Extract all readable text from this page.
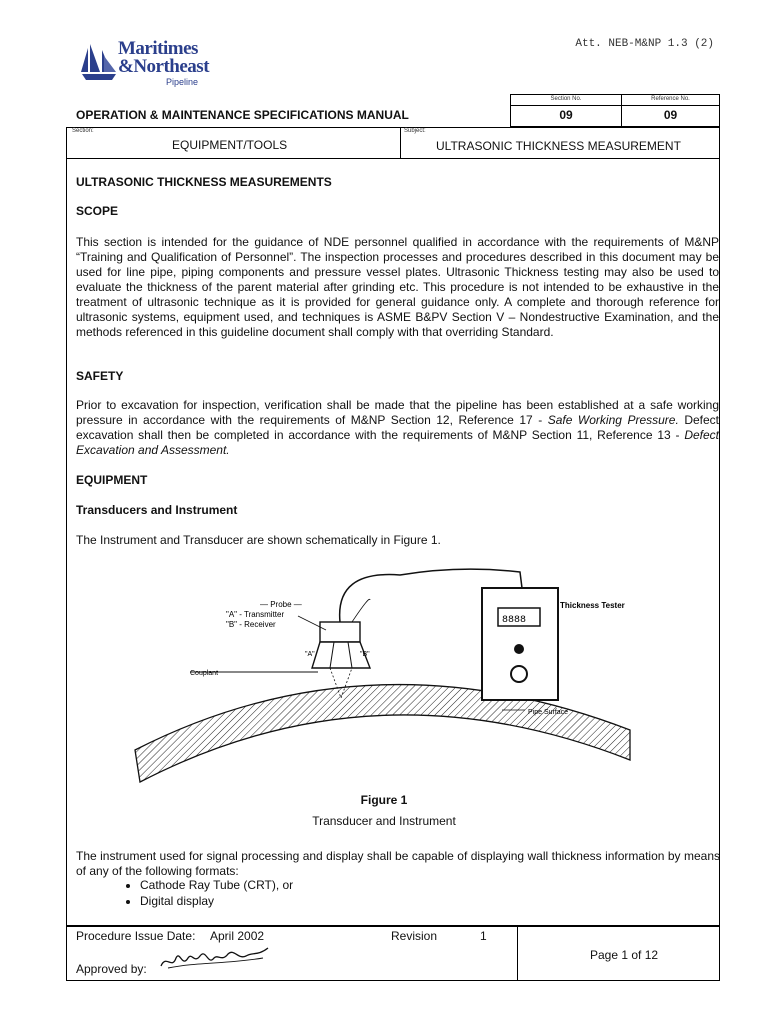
Maritimes
&Northeast
Pipeline
Att. NEB-M&NP 1.3 (2)
OPERATION & MAINTENANCE SPECIFICATIONS MANUAL
Section No.
09
Reference No.
09
Section:
EQUIPMENT/TOOLS
Subject:
ULTRASONIC THICKNESS MEASUREMENT
ULTRASONIC THICKNESS MEASUREMENTS
SCOPE
This section is intended for the guidance of NDE personnel qualified in accordance with the requirements of M&NP “Training and Qualification of Personnel”. The inspection processes and procedures described in this document may be used for line pipe, piping components and pressure vessel plates. Ultrasonic Thickness testing may also be used to evaluate the thickness of the parent material after grinding etc. This procedure is not intended to be exhaustive in the treatment of ultrasonic technique as it is provided for general guidance only. A complete and thorough reference for ultrasonic systems, equipment used, and techniques is ASME B&PV Section V – Nondestructive Examination, and the methods referenced in this guideline document shall comply with that overriding Standard.
SAFETY
Prior to excavation for inspection, verification shall be made that the pipeline has been established at a safe working pressure in accordance with the requirements of M&NP Section 12, Reference 17 - Safe Working Pressure. Defect excavation shall then be completed in accordance with the requirements of M&NP Section 11, Reference 13 - Defect Excavation and Assessment.
EQUIPMENT
Transducers and Instrument
The Instrument and Transducer are shown schematically in Figure 1.
— Probe —
"A" - Transmitter
"B" - Receiver
"A"	"B"
Couplant
Thickness Tester
Pipe Surface
8888
Figure 1
Transducer and Instrument
The instrument used for signal processing and display shall be capable of displaying wall thickness information by means of any of the following formats:
• Cathode Ray Tube (CRT), or
• Digital display
Procedure Issue Date: April 2002	Revision	1
Approved by:
Page 1 of 12
